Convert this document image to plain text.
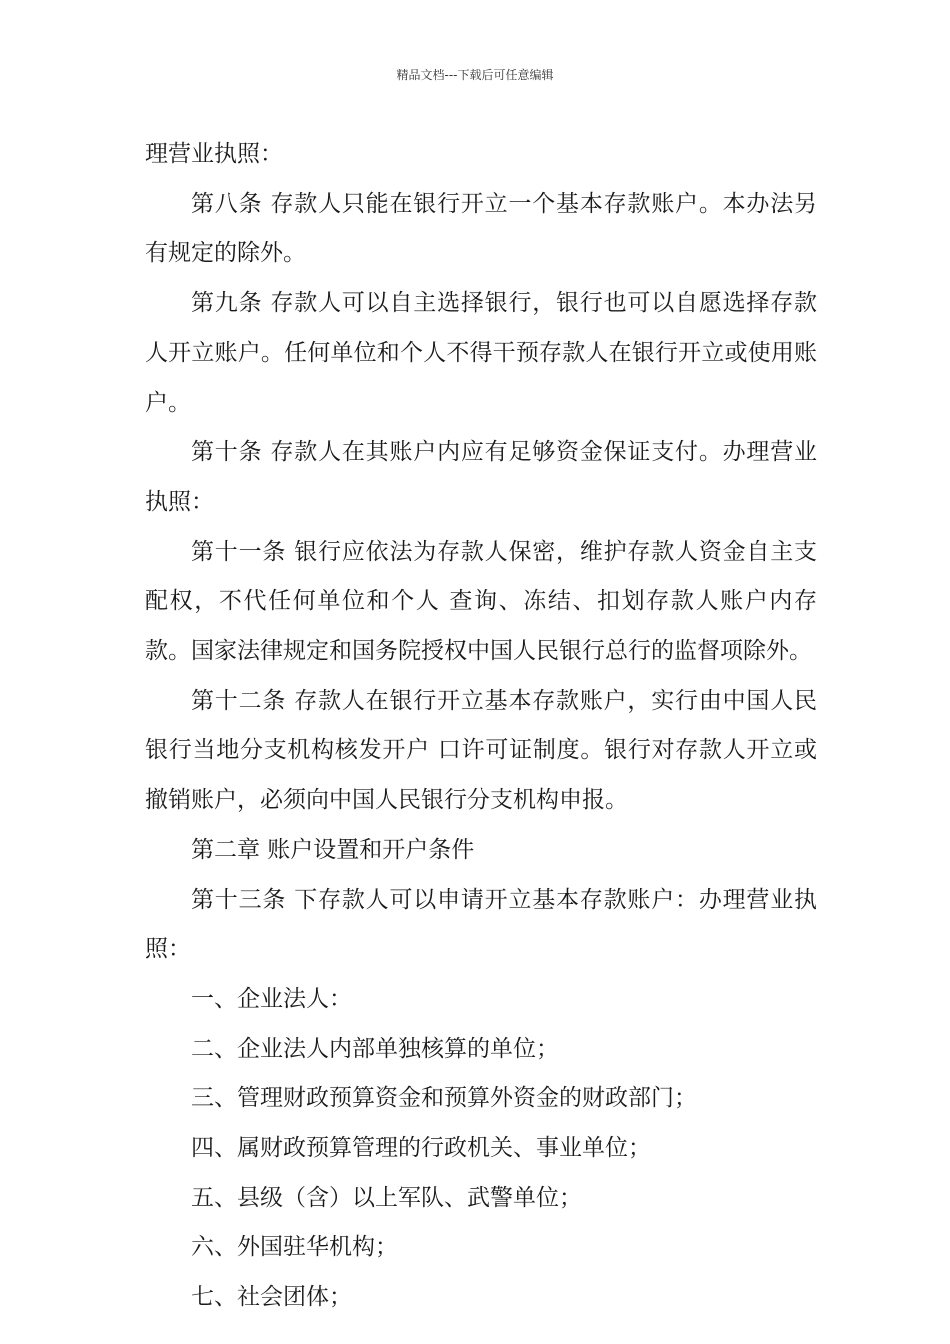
精品文档---下载后可任意编辑

理营业执照：

第八条 存款人只能在银行开立一个基本存款账户。本办法另有规定的除外。

第九条 存款人可以自主选择银行，银行也可以自愿选择存款人开立账户。任何单位和个人不得干预存款人在银行开立或使用账户。

第十条 存款人在其账户内应有足够资金保证支付。办理营业执照：

第十一条 银行应依法为存款人保密，维护存款人资金自主支配权，不代任何单位和个人 查询、冻结、扣划存款人账户内存款。国家法律规定和国务院授权中国人民银行总行的监督项除外。

第十二条 存款人在银行开立基本存款账户，实行由中国人民银行当地分支机构核发开户 口许可证制度。银行对存款人开立或撤销账户，必须向中国人民银行分支机构申报。

第二章 账户设置和开户条件

第十三条 下存款人可以申请开立基本存款账户：办理营业执照：

一、企业法人：

二、企业法人内部单独核算的单位；

三、管理财政预算资金和预算外资金的财政部门；

四、属财政预算管理的行政机关、事业单位；

五、县级（含）以上军队、武警单位；

六、外国驻华机构；

七、社会团体；
